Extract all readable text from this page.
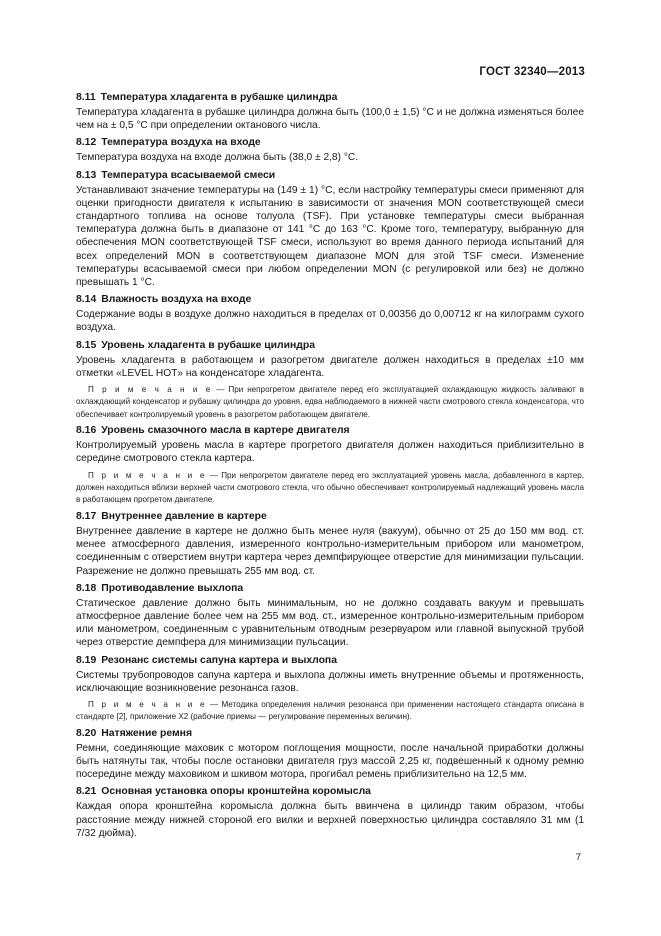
ГОСТ 32340—2013
8.11 Температура хладагента в рубашке цилиндра

Температура хладагента в рубашке цилиндра должна быть (100,0 ± 1,5) °С и не должна изменяться более чем на ± 0,5 °С при определении октанового числа.

8.12 Температура воздуха на входе

Температура воздуха на входе должна быть (38,0 ± 2,8) °С.

8.13 Температура всасываемой смеси

Устанавливают значение температуры на (149 ± 1) °С, если настройку температуры смеси применяют для оценки пригодности двигателя к испытанию в зависимости от значения MON соответствующей смеси стандартного топлива на основе толуола (TSF). При установке температуры смеси выбранная температура должна быть в диапазоне от 141 °С до 163 °С. Кроме того, температуру, выбранную для обеспечения MON соответствующей TSF смеси, используют во время данного периода испытаний для всех определений MON в соответствующем диапазоне MON для этой TSF смеси. Изменение температуры всасываемой смеси при любом определении MON (с регулировкой или без) не должно превышать 1 °С.

8.14 Влажность воздуха на входе

Содержание воды в воздухе должно находиться в пределах от 0,00356 до 0,00712 кг на килограмм сухого воздуха.

8.15 Уровень хладагента в рубашке цилиндра

Уровень хладагента в работающем и разогретом двигателе должен находиться в пределах ±10 мм отметки «LEVEL HOT» на конденсаторе хладагента.

П р и м е ч а н и е — При непрогретом двигателе перед его эксплуатацией охлаждающую жидкость заливают в охлаждающий конденсатор и рубашку цилиндра до уровня, едва наблюдаемого в нижней части смотрового стекла конденсатора, что обеспечивает контролируемый уровень в разогретом работающем двигателе.

8.16 Уровень смазочного масла в картере двигателя

Контролируемый уровень масла в картере прогретого двигателя должен находиться приблизительно в середине смотрового стекла картера.

П р и м е ч а н и е — При непрогретом двигателе перед его эксплуатацией уровень масла, добавленного в картер, должен находиться вблизи верхней части смотрового стекла, что обычно обеспечивает контролируемый надлежащий уровень масла в работающем прогретом двигателе.

8.17 Внутреннее давление в картере

Внутреннее давление в картере не должно быть менее нуля (вакуум), обычно от 25 до 150 мм вод. ст. менее атмосферного давления, измеренного контрольно-измерительным прибором или манометром, соединенным с отверстием внутри картера через демпфирующее отверстие для минимизации пульсации. Разрежение не должно превышать 255 мм вод. ст.

8.18 Противодавление выхлопа

Статическое давление должно быть минимальным, но не должно создавать вакуум и превышать атмосферное давление более чем на 255 мм вод. ст., измеренное контрольно-измерительным прибором или манометром, соединенным с уравнительным отводным резервуаром или главной выпускной трубой через отверстие демпфера для минимизации пульсации.

8.19 Резонанс системы сапуна картера и выхлопа

Системы трубопроводов сапуна картера и выхлопа должны иметь внутренние объемы и протяженность, исключающие возникновение резонанса газов.

П р и м е ч а н и е — Методика определения наличия резонанса при применении настоящего стандарта описана в стандарте [2], приложение Х2 (рабочие приемы — регулирование переменных величин).

8.20 Натяжение ремня

Ремни, соединяющие маховик с мотором поглощения мощности, после начальной приработки должны быть натянуты так, чтобы после остановки двигателя груз массой 2,25 кг, подвешенный к одному ремню посередине между маховиком и шкивом мотора, прогибал ремень приблизительно на 12,5 мм.

8.21 Основная установка опоры кронштейна коромысла

Каждая опора кронштейна коромысла должна быть ввинчена в цилиндр таким образом, чтобы расстояние между нижней стороной его вилки и верхней поверхностью цилиндра составляло 31 мм (1 7/32 дюйма).

7
